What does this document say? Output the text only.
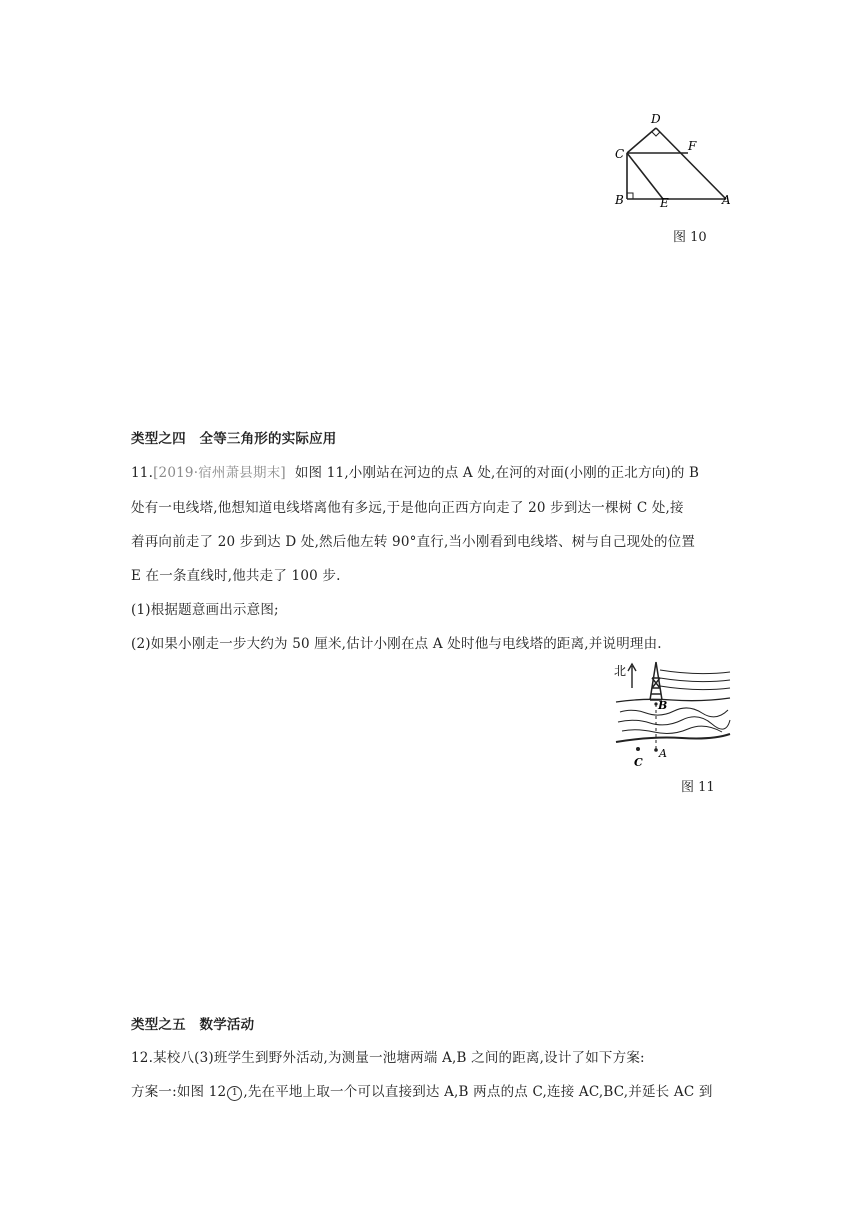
D
C
F
B	E	A
图 10
类型之四　全等三角形的实际应用
11.[2019·宿州萧县期末] 如图 11,小刚站在河边的点 A 处,在河的对面(小刚的正北方向)的 B
处有一电线塔,他想知道电线塔离他有多远,于是他向正西方向走了 20 步到达一棵树 C 处,接
着再向前走了 20 步到达 D 处,然后他左转 90°直行,当小刚看到电线塔、树与自己现处的位置
E 在一条直线时,他共走了 100 步.
(1)根据题意画出示意图;
(2)如果小刚走一步大约为 50 厘米,估计小刚在点 A 处时他与电线塔的距离,并说明理由.
北
B
A
C
图 11
类型之五　数学活动
12.某校八(3)班学生到野外活动,为测量一池塘两端 A,B 之间的距离,设计了如下方案:
方案一:如图 12 1 ,先在平地上取一个可以直接到达 A,B 两点的点 C,连接 AC,BC,并延长 AC 到
